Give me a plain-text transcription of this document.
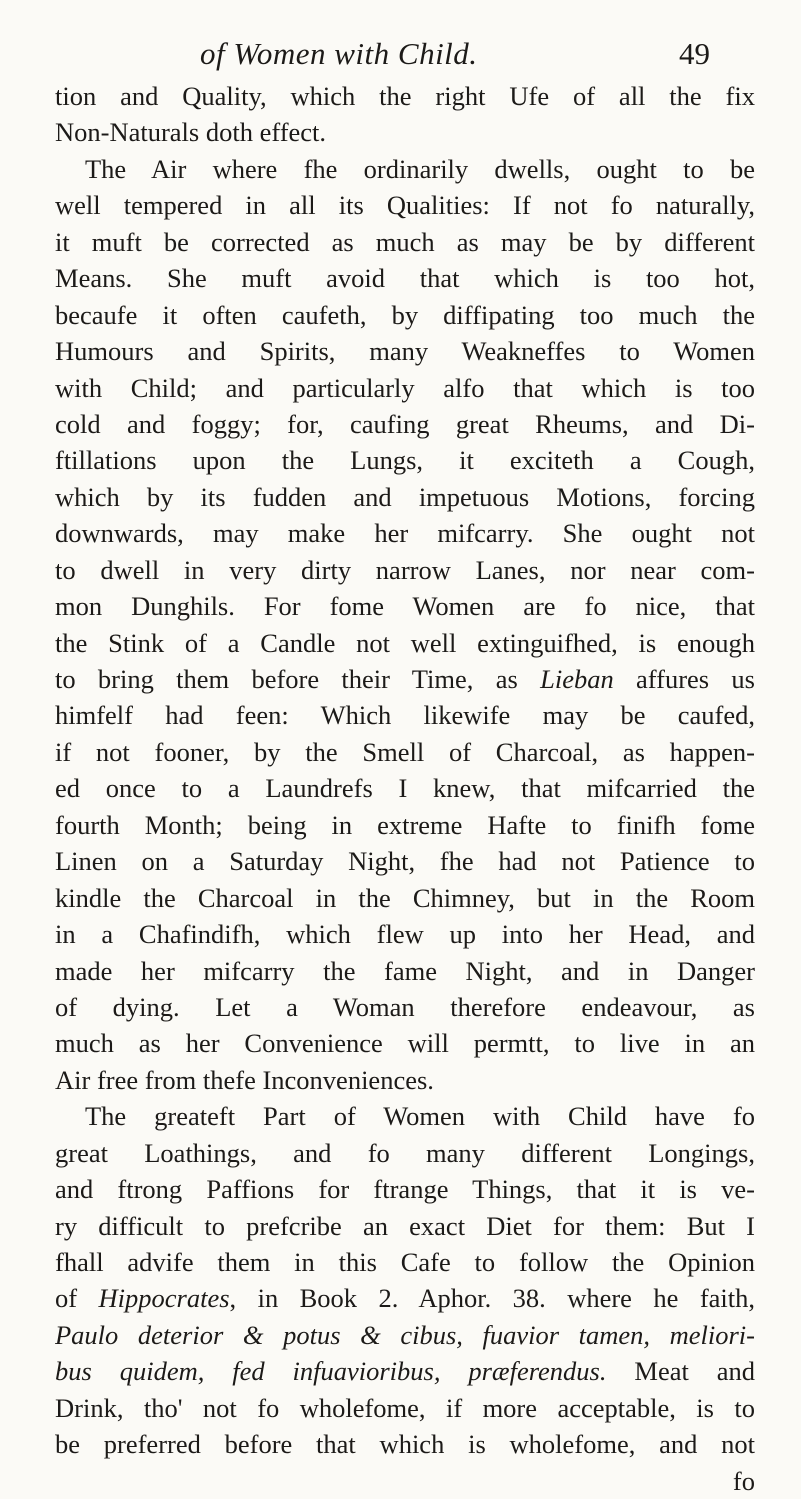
of Women with Child.	49
tion and Quality, which the right Ufe of all the fix
Non-Naturals doth effect.
The Air where fhe ordinarily dwells, ought to be
well tempered in all its Qualities: If not fo naturally,
it muft be corrected as much as may be by different
Means. She muft avoid that which is too hot,
becaufe it often caufeth, by diffipating too much the
Humours and Spirits, many Weakneffes to Women
with Child; and particularly alfo that which is too
cold and foggy; for, caufing great Rheums, and Di-
ftillations upon the Lungs, it exciteth a Cough,
which by its fudden and impetuous Motions, forcing
downwards, may make her mifcarry. She ought not
to dwell in very dirty narrow Lanes, nor near com-
mon Dunghils. For fome Women are fo nice, that
the Stink of a Candle not well extinguifhed, is enough
to bring them before their Time, as Lieban affures us
himfelf had feen: Which likewife may be caufed,
if not fooner, by the Smell of Charcoal, as happen-
ed once to a Laundrefs I knew, that mifcarried the
fourth Month; being in extreme Hafte to finifh fome
Linen on a Saturday Night, fhe had not Patience to
kindle the Charcoal in the Chimney, but in the Room
in a Chafindifh, which flew up into her Head, and
made her mifcarry the fame Night, and in Danger
of dying. Let a Woman therefore endeavour, as
much as her Convenience will permtt, to live in an
Air free from thefe Inconveniences.
The greateft Part of Women with Child have fo
great Loathings, and fo many different Longings,
and ftrong Paffions for ftrange Things, that it is ve-
ry difficult to prefcribe an exact Diet for them: But I
fhall advife them in this Cafe to follow the Opinion
of Hippocrates, in Book 2. Aphor. 38. where he faith,
Paulo deterior & potus & cibus, fuavior tamen, meliori-
bus quidem, fed infuavioribus, præferendus. Meat and
Drink, tho' not fo wholefome, if more acceptable, is to
be preferred before that which is wholefome, and not
fo
